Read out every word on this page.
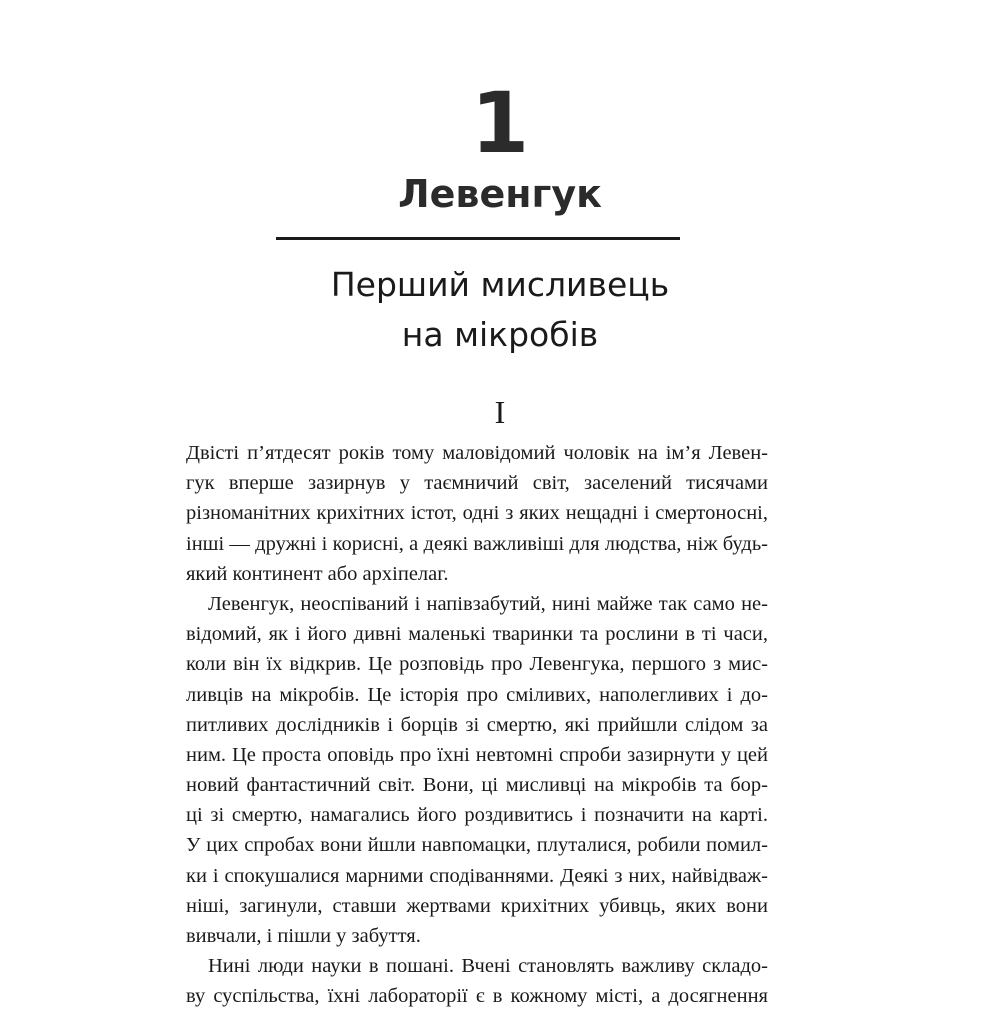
1
Левенгук
Перший мисливець
на мікробів
I
Двісті п’ятдесят років тому маловідомий чоловік на ім’я Левен-
гук вперше зазирнув у таємничий світ, заселений тисячами
різноманітних крихітних істот, одні з яких нещадні і смертоносні,
інші — дружні і корисні, а деякі важливіші для людства, ніж будь-
який континент або архіпелаг.
Левенгук, неоспіваний і напівзабутий, нині майже так само не-
відомий, як і його дивні маленькі тваринки та рослини в ті часи,
коли він їх відкрив. Це розповідь про Левенгука, першого з мис-
ливців на мікробів. Це історія про сміливих, наполегливих і до-
питливих дослідників і борців зі смертю, які прийшли слідом за
ним. Це проста оповідь про їхні невтомні спроби зазирнути у цей
новий фантастичний світ. Вони, ці мисливці на мікробів та бор-
ці зі смертю, намагались його роздивитись і позначити на карті.
У цих спробах вони йшли навпомацки, плуталися, робили помил-
ки і спокушалися марними сподіваннями. Деякі з них, найвідваж-
ніші, загинули, ставши жертвами крихітних убивць, яких вони
вивчали, і пішли у забуття.
Нині люди науки в пошані. Вчені становлять важливу складо-
ву суспільства, їхні лабораторії є в кожному місті, а досягнення
